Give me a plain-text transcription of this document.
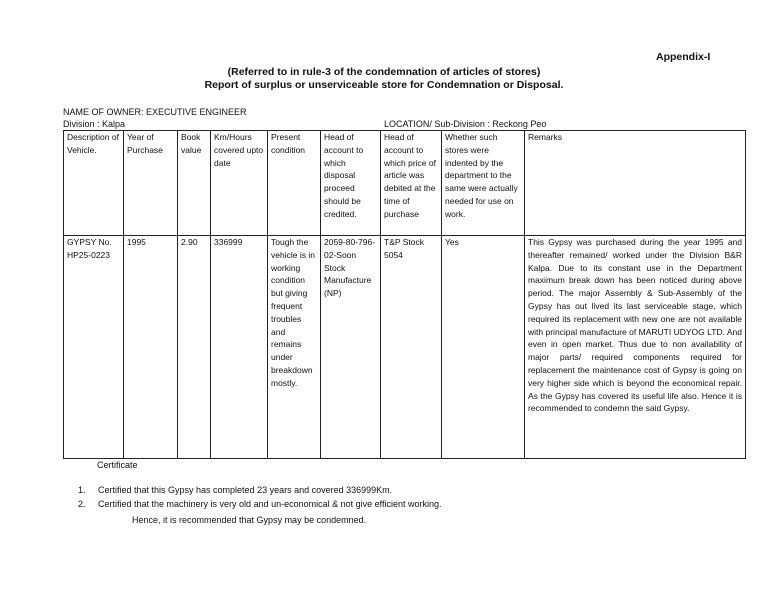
Appendix-I
(Referred to in rule-3 of the condemnation of articles of stores)
Report of surplus or unserviceable store for Condemnation or Disposal.
NAME OF OWNER: EXECUTIVE ENGINEER
Division : Kalpa	LOCATION/ Sub-Division : Reckong Peo
Description of Vehicle.	Year of Purchase	Book value	Km/Hours covered upto date	Present condition	Head of account to which disposal proceed should be credited.	Head of account to which price of article was debited at the time of purchase	Whether such stores were indented by the department to the same were actually needed for use on work.	Remarks
GYPSY No. HP25-0223	1995	2.90	336999	Tough the vehicle is in working condition but giving frequent troubles and remains under breakdown mostly.	2059-80-796-02-Soon Stock Manufacture (NP)	T&P Stock 5054	Yes	This Gypsy was purchased during the year 1995 and thereafter remained/ worked under the Division B&R Kalpa. Due to its constant use in the Department maximum break down has been noticed during above period. The major Assembly & Sub-Assembly of the Gypsy has out lived its last serviceable stage, which required its replacement with new one are not available with principal manufacture of MARUTI UDYOG LTD. And even in open market. Thus due to non availability of major parts/ required components required for replacement the maintenance cost of Gypsy is going on very higher side which is beyond the economical repair. As the Gypsy has covered its useful life also. Hence it is recommended to condemn the said Gypsy.
Certificate
1. Certified that this Gypsy has completed 23 years and covered 336999Km.
2. Certified that the machinery is very old and un-economical & not give efficient working.
Hence, it is recommended that Gypsy may be condemned.
